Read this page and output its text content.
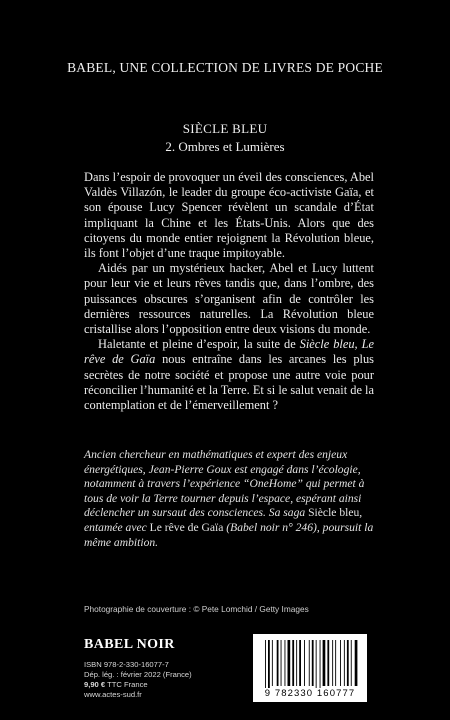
BABEL, UNE COLLECTION DE LIVRES DE POCHE
SIÈCLE BLEU
2. Ombres et Lumières

Dans l’espoir de provoquer un éveil des consciences, Abel Valdès Villazón, le leader du groupe éco-activiste Gaïa, et son épouse Lucy Spencer révèlent un scandale d’État impliquant la Chine et les États-Unis. Alors que des citoyens du monde entier rejoignent la Révolution bleue, ils font l’objet d’une traque impitoyable.

Aidés par un mystérieux hacker, Abel et Lucy luttent pour leur vie et leurs rêves tandis que, dans l’ombre, des puissances obscures s’organisent afin de contrôler les dernières ressources naturelles. La Révolution bleue cristallise alors l’opposition entre deux visions du monde.

Haletante et pleine d’espoir, la suite de Siècle bleu, Le rêve de Gaïa nous entraîne dans les arcanes les plus secrètes de notre société et propose une autre voie pour réconcilier l’humanité et la Terre. Et si le salut venait de la contemplation et de l’émerveillement ?

Ancien chercheur en mathématiques et expert des enjeux énergétiques, Jean-Pierre Goux est engagé dans l’écologie, notamment à travers l’expérience “OneHome” qui permet à tous de voir la Terre tourner depuis l’espace, espérant ainsi déclencher un sursaut des consciences. Sa saga Siècle bleu, entamée avec Le rêve de Gaïa (Babel noir n° 246), poursuit la même ambition.
Photographie de couverture : © Pete Lomchid / Getty Images
BABEL NOIR
ISBN 978-2-330-16077-7
Dép. lég. : février 2022 (France)
9,90 € TTC France
www.actes-sud.fr	9 782330 160777
